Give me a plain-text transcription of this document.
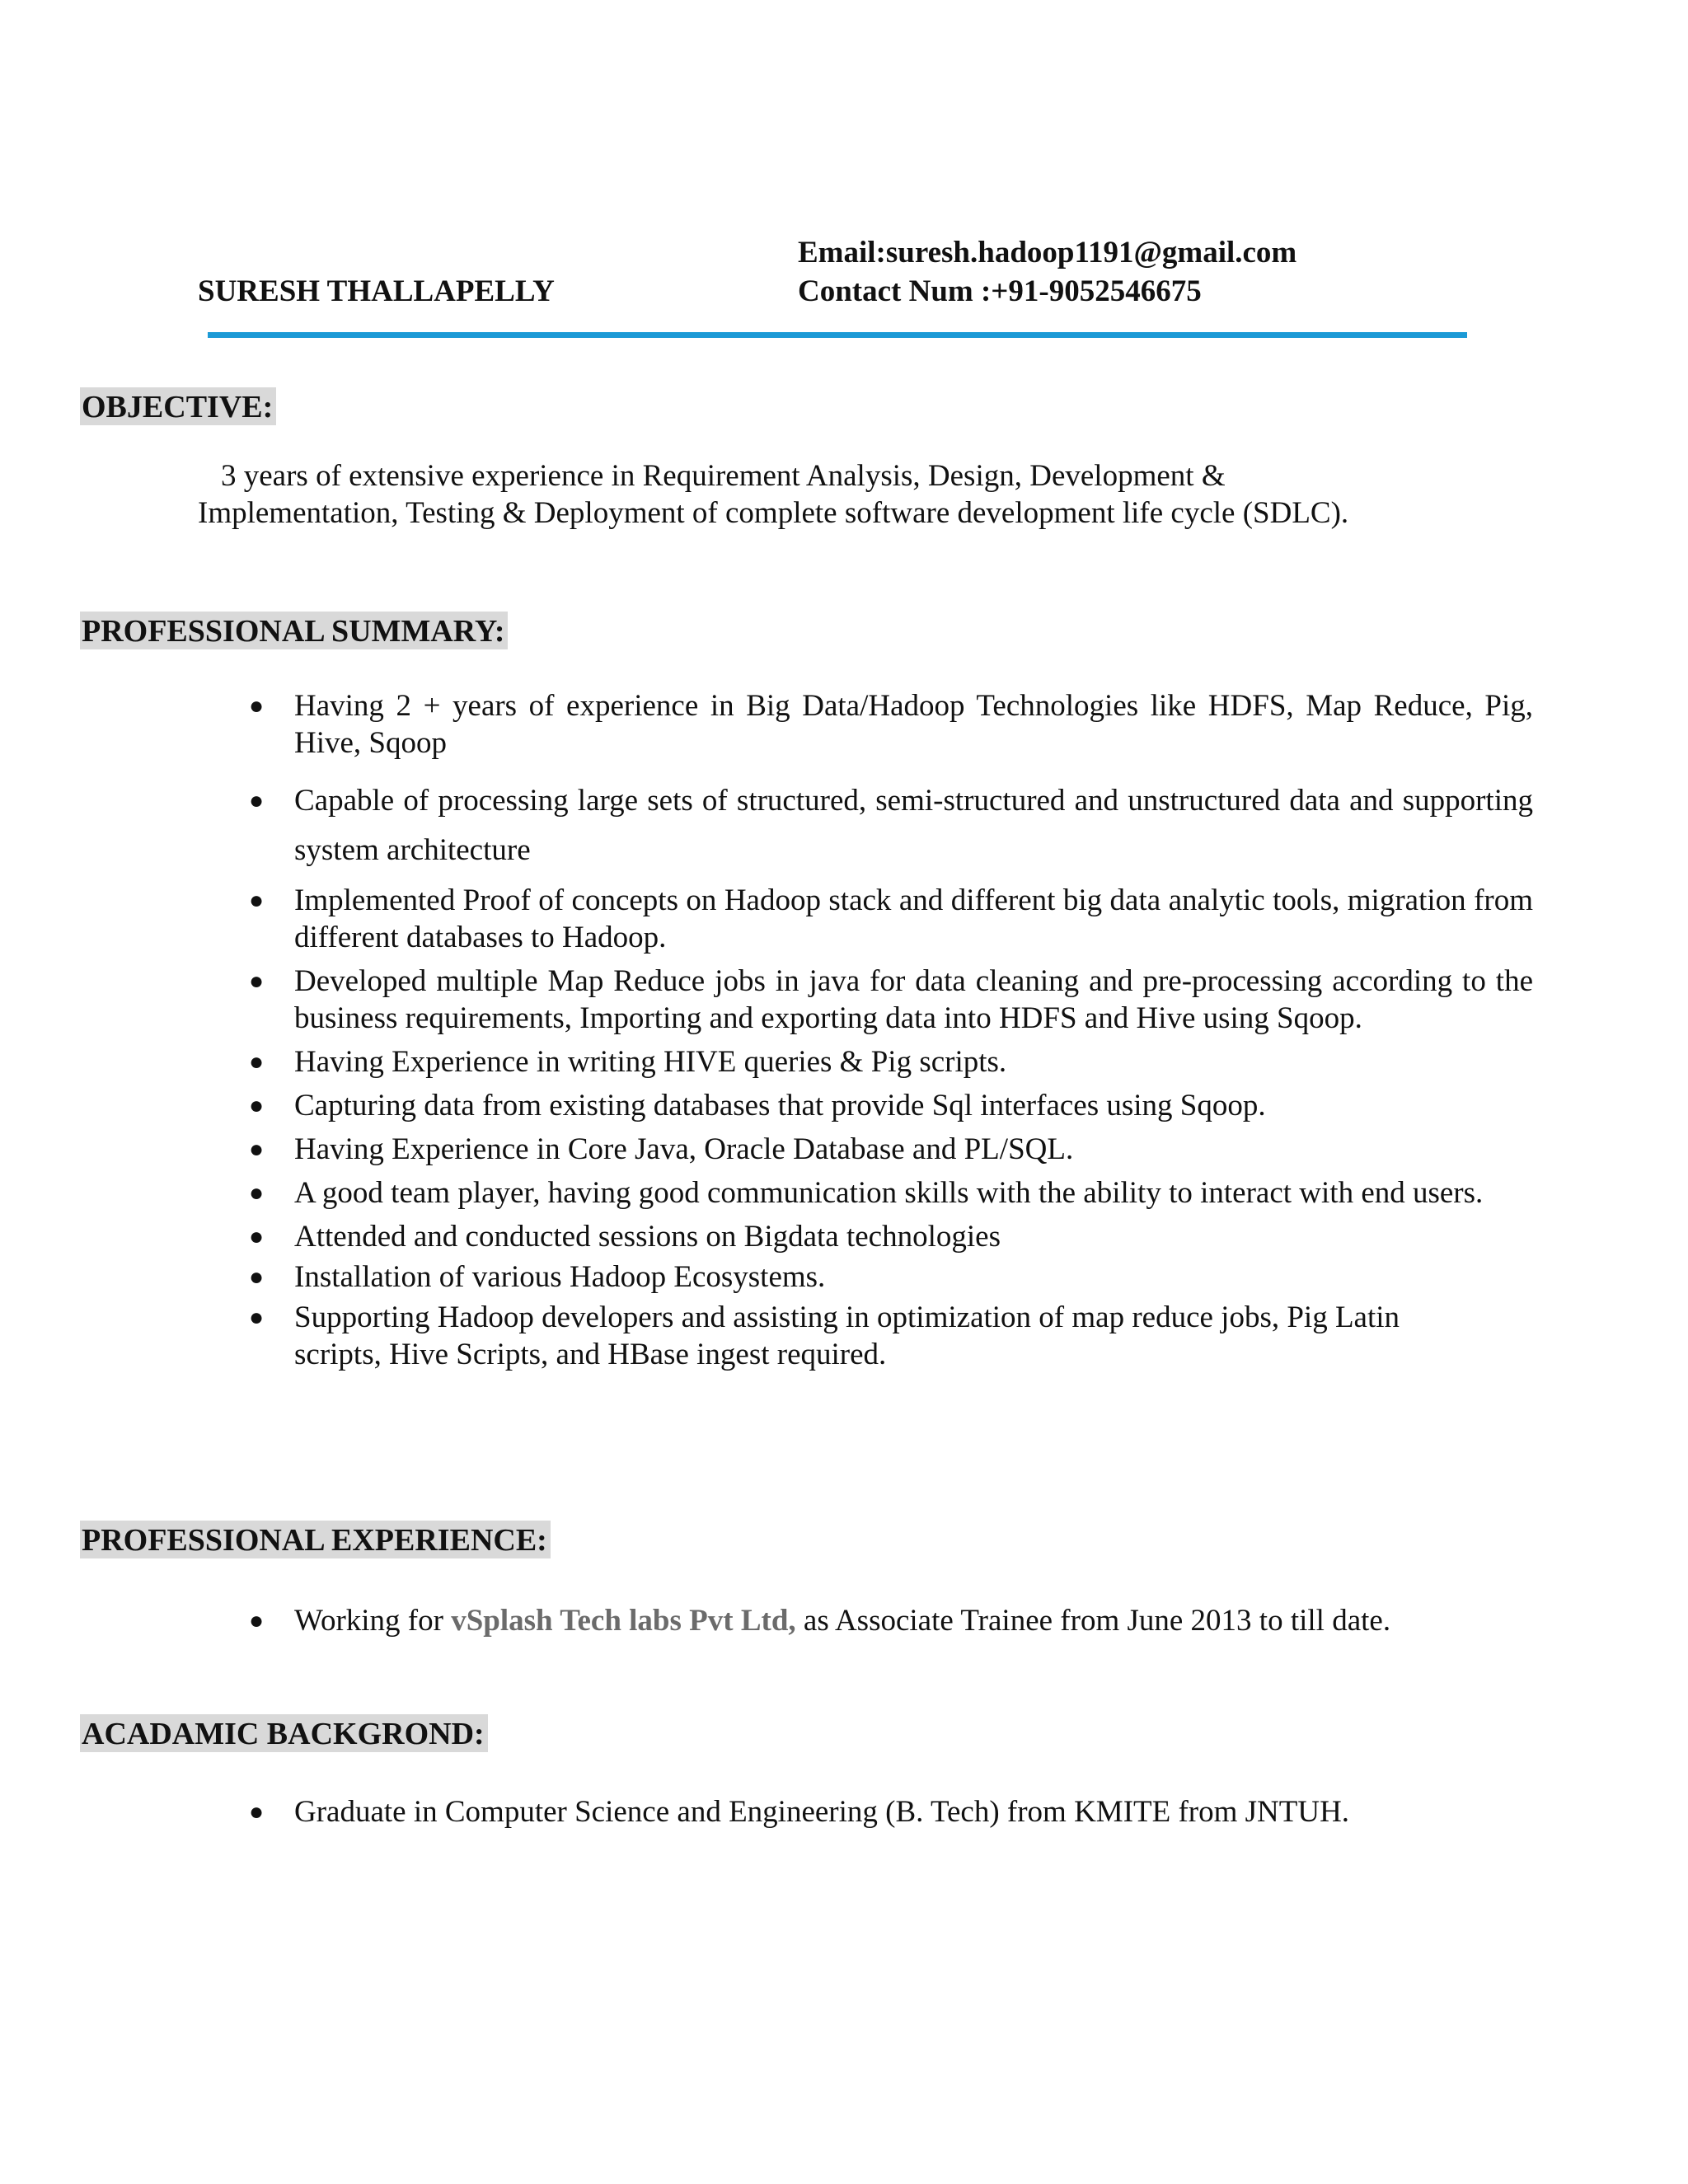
Email:suresh.hadoop1191@gmail.com
SURESH THALLAPELLY	Contact Num :+91-9052546675
OBJECTIVE:
3 years of extensive experience in Requirement Analysis, Design, Development &
Implementation, Testing & Deployment of complete software development life cycle (SDLC).
PROFESSIONAL SUMMARY:
● Having 2 + years of experience in Big Data/Hadoop Technologies like HDFS, Map Reduce, Pig, Hive, Sqoop
● Capable of processing large sets of structured, semi-structured and unstructured data and supporting system architecture
● Implemented Proof of concepts on Hadoop stack and different big data analytic tools, migration from different databases to Hadoop.
● Developed multiple Map Reduce jobs in java for data cleaning and pre-processing according to the business requirements, Importing and exporting data into HDFS and Hive using Sqoop.
● Having Experience in writing HIVE queries & Pig scripts.
● Capturing data from existing databases that provide Sql interfaces using Sqoop.
● Having Experience in Core Java, Oracle Database and PL/SQL.
● A good team player, having good communication skills with the ability to interact with end users.
● Attended and conducted sessions on Bigdata technologies
● Installation of various Hadoop Ecosystems.
● Supporting Hadoop developers and assisting in optimization of map reduce jobs, Pig Latin scripts, Hive Scripts, and HBase ingest required.
PROFESSIONAL EXPERIENCE:
● Working for vSplash Tech labs Pvt Ltd, as Associate Trainee from June 2013 to till date.
ACADAMIC BACKGROND:
● Graduate in Computer Science and Engineering (B. Tech) from KMITE from JNTUH.
